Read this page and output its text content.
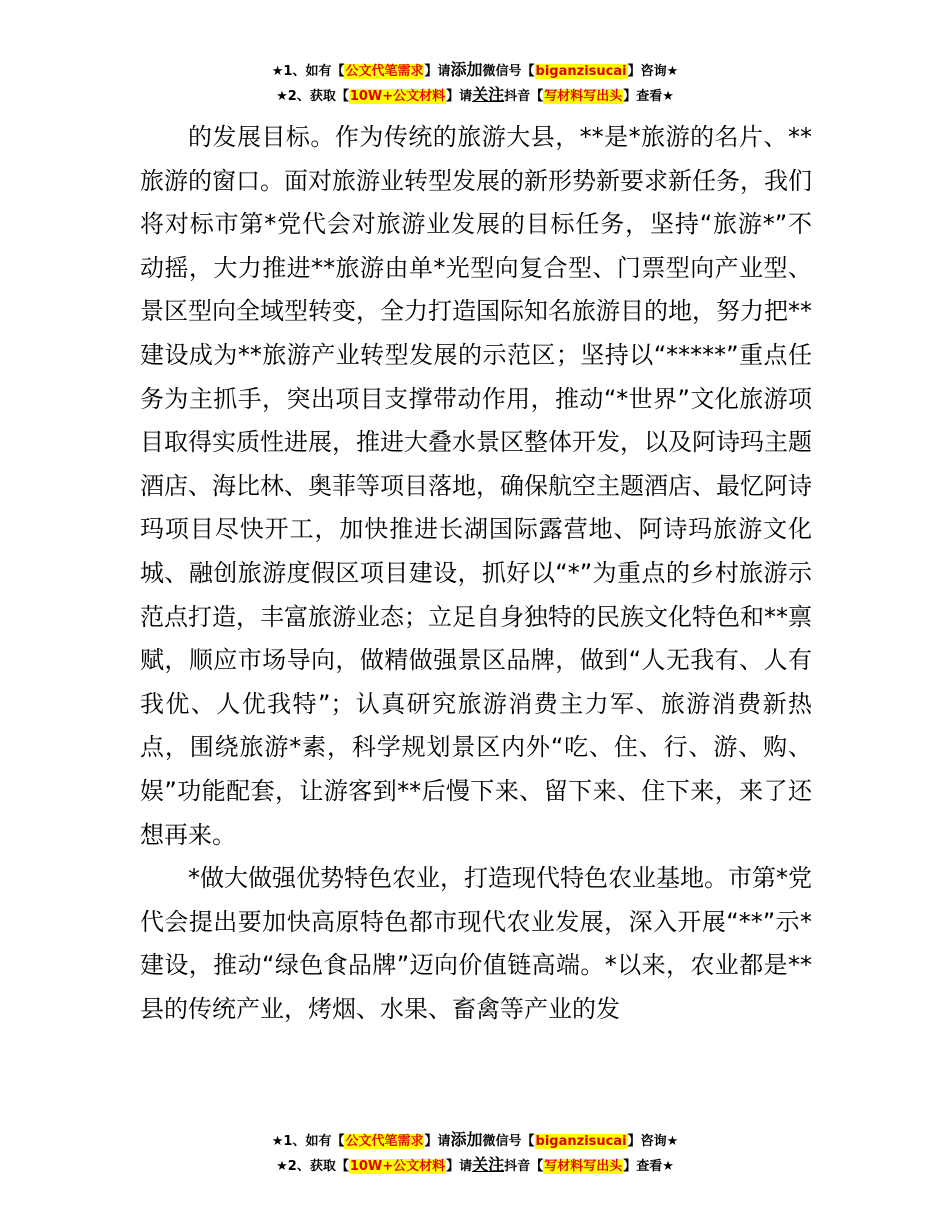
★1、如有【公文代笔需求】请添加微信号【biganzisucai】咨询★
★2、获取【10W+公文材料】请关注抖音【写材料写出头】查看★

的发展目标。作为传统的旅游大县，**是*旅游的名片、**旅游的窗口。面对旅游业转型发展的新形势新要求新任务，我们将对标市第*党代会对旅游业发展的目标任务，坚持“旅游*”不动摇，大力推进**旅游由单*光型向复合型、门票型向产业型、景区型向全域型转变，全力打造国际知名旅游目的地，努力把**建设成为**旅游产业转型发展的示范区；坚持以“*****”重点任务为主抓手，突出项目支撑带动作用，推动“*世界”文化旅游项目取得实质性进展，推进大叠水景区整体开发，以及阿诗玛主题酒店、海比林、奥菲等项目落地，确保航空主题酒店、最忆阿诗玛项目尽快开工，加快推进长湖国际露营地、阿诗玛旅游文化城、融创旅游度假区项目建设，抓好以“*”为重点的乡村旅游示范点打造，丰富旅游业态；立足自身独特的民族文化特色和**禀赋，顺应市场导向，做精做强景区品牌，做到“人无我有、人有我优、人优我特”；认真研究旅游消费主力军、旅游消费新热点，围绕旅游*素，科学规划景区内外“吃、住、行、游、购、娱”功能配套，让游客到**后慢下来、留下来、住下来，来了还想再来。

*做大做强优势特色农业，打造现代特色农业基地。市第*党代会提出要加快高原特色都市现代农业发展，深入开展“**”示*建设，推动“绿色食品牌”迈向价值链高端。*以来，农业都是**县的传统产业，烤烟、水果、畜禽等产业的发

★1、如有【公文代笔需求】请添加微信号【biganzisucai】咨询★
★2、获取【10W+公文材料】请关注抖音【写材料写出头】查看★
